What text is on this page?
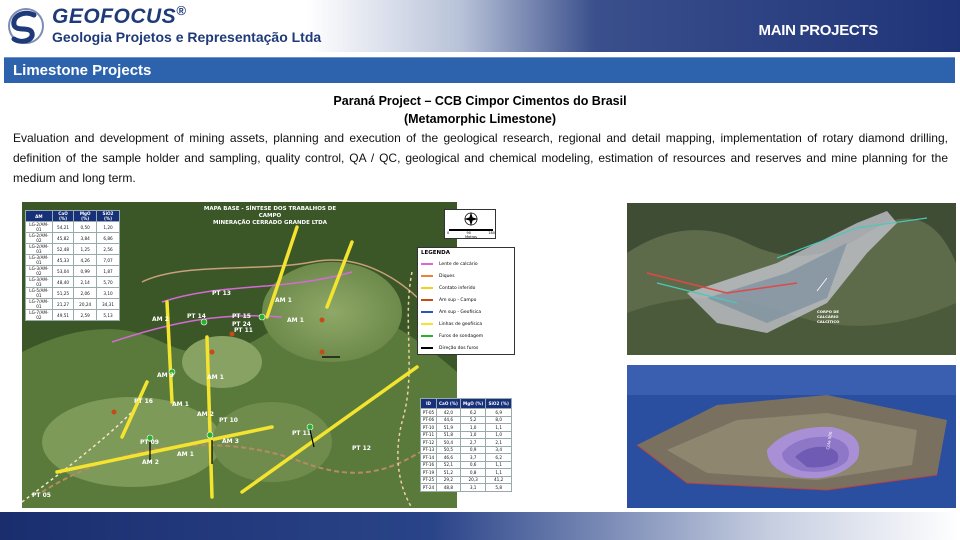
GEOFOCUS®
Geologia Projetos e Representação Ltda	MAIN PROJECTS
Limestone Projects
Paraná Project – CCB Cimpor Cimentos do Brasil
(Metamorphic Limestone)
Evaluation and development of mining assets, planning and execution of the geological research, regional and detail mapping, implementation of rotary diamond drilling, definition of the sample holder and sampling, quality control, QA / QC, geological and chemical modeling, estimation of resources and reserves and mine planning for the medium and long term.
MAPA BASE - SÍNTESE DOS TRABALHOS DE CAMPO
MINERAÇÃO CERRADO GRANDE LTDA
0	90	180
Metros
AM	CaO (%)	MgO (%)	SiO2 (%)
LG-2/AM-01	54,21	0,50	1,20
LG-2/AM-02	45,82	3,84	6,86
LG-2/AM-03	52,48	1,25	2,56
LG-3/AM-01	45,33	4,26	7,07
LG-3/AM-02	53,04	0,99	1,87
LG-3/AM-03	48,40	2,14	5,70
LG-5/AM-01	51,25	2,06	3,10
LG-7/AM-01	21,27	20,24	34,31
LG-7/AM-02	49,51	2,59	5,13
LEGENDA
Lente de calcário
Diques
Contato inferido
Am sup - Campo
Am sup - Geofísica
Linhas de geofísica
Furos de sondagem
Direção dos furos
ID	CaO (%)	MgO (%)	SiO2 (%)
PT-05	42,0	6,2	6,9
PT-06	44,6	5,2	8,0
PT-10	51,9	1,0	1,1
PT-11	51,8	1,0	1,0
PT-12	50,4	2,7	2,1
PT-13	50,5	0,9	3,4
PT-14	46,6	3,7	6,2
PT-16	52,1	0,6	1,1
PT-19	51,2	0,8	1,1
PT-25	29,2	20,3	41,2
PT-24	48,8	3,1	5,8
PT 13
AM 1
PT 14
AM 2	PT 15
PT 24
PT 11
AM 1
AM 3	AM 1
PT 16	AM 1
AM 2
PT 10
PT 09	AM 3
AM 1
AM 2
PT 11
PT 12
PT 05
CORPO DE CALCÁRIO CALCÍTICO
Cota 500
